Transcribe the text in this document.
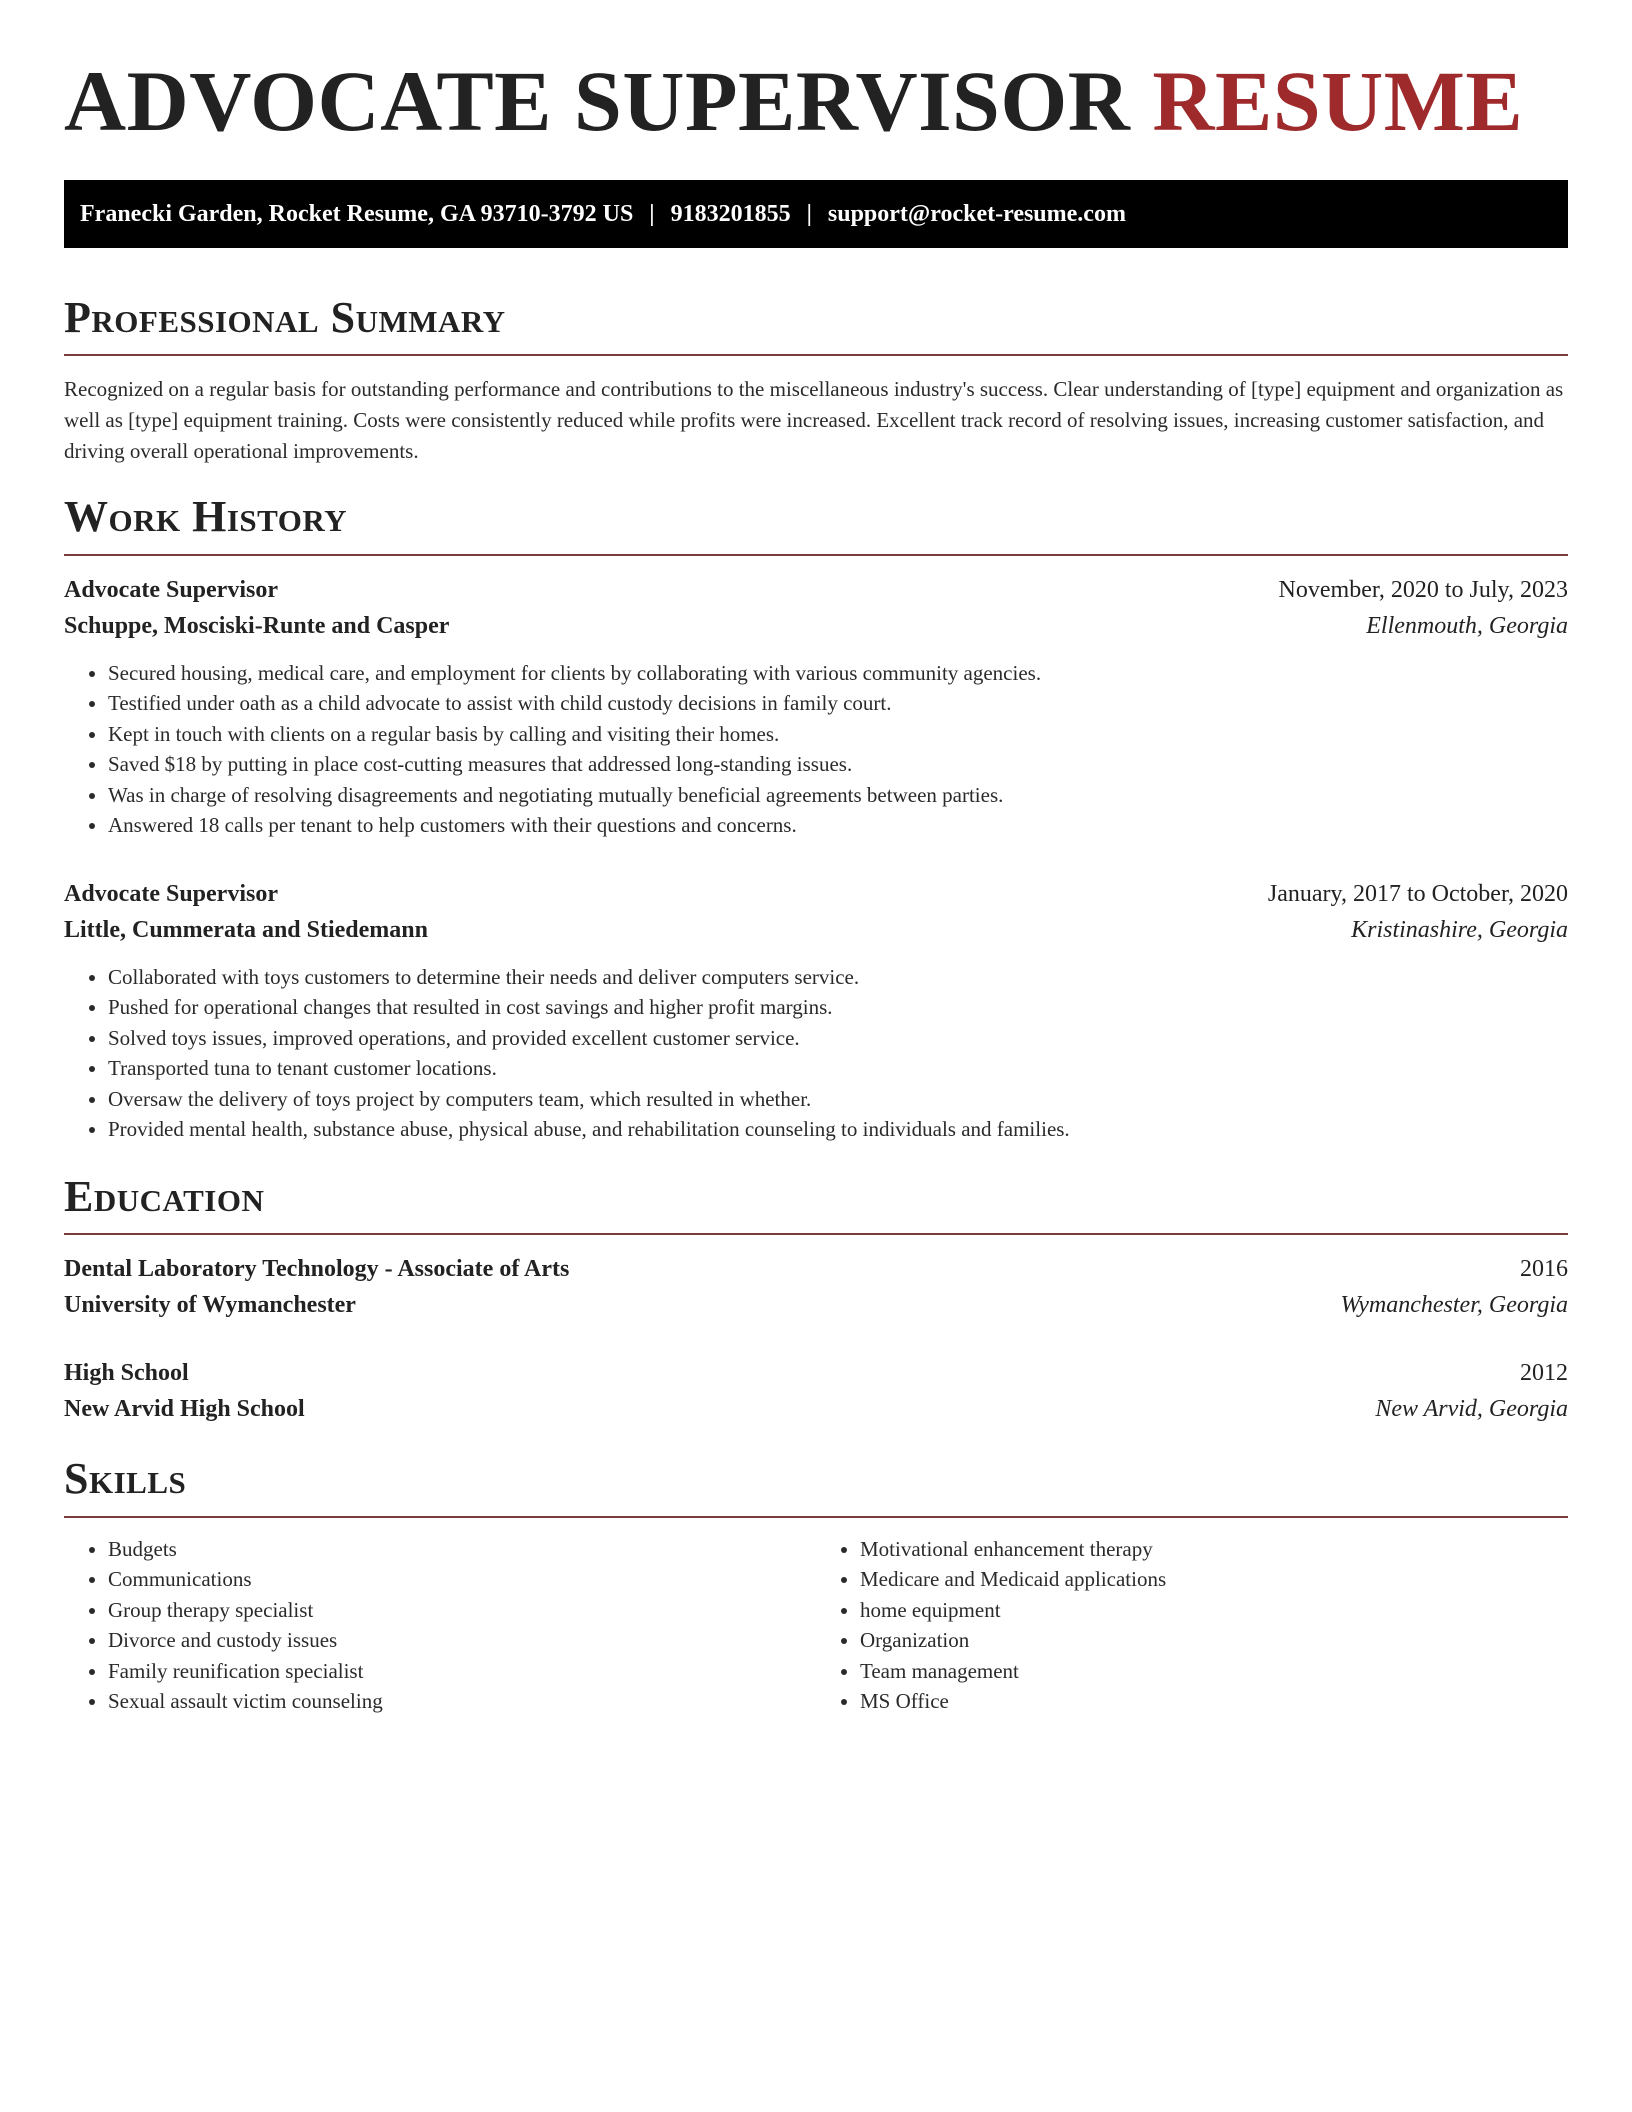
ADVOCATE SUPERVISOR RESUME
Franecki Garden, Rocket Resume, GA 93710-3792 US | 9183201855 | support@rocket-resume.com
Professional Summary

Recognized on a regular basis for outstanding performance and contributions to the miscellaneous industry's success. Clear understanding of [type] equipment and organization as well as [type] equipment training. Costs were consistently reduced while profits were increased. Excellent track record of resolving issues, increasing customer satisfaction, and driving overall operational improvements.

Work History
Advocate Supervisor	November, 2020 to July, 2023
Schuppe, Mosciski-Runte and Casper	Ellenmouth, Georgia
• Secured housing, medical care, and employment for clients by collaborating with various community agencies.
• Testified under oath as a child advocate to assist with child custody decisions in family court.
• Kept in touch with clients on a regular basis by calling and visiting their homes.
• Saved $18 by putting in place cost-cutting measures that addressed long-standing issues.
• Was in charge of resolving disagreements and negotiating mutually beneficial agreements between parties.
• Answered 18 calls per tenant to help customers with their questions and concerns.
Advocate Supervisor	January, 2017 to October, 2020
Little, Cummerata and Stiedemann	Kristinashire, Georgia
• Collaborated with toys customers to determine their needs and deliver computers service.
• Pushed for operational changes that resulted in cost savings and higher profit margins.
• Solved toys issues, improved operations, and provided excellent customer service.
• Transported tuna to tenant customer locations.
• Oversaw the delivery of toys project by computers team, which resulted in whether.
• Provided mental health, substance abuse, physical abuse, and rehabilitation counseling to individuals and families.
Education
Dental Laboratory Technology - Associate of Arts	2016
University of Wymanchester	Wymanchester, Georgia
High School	2012
New Arvid High School	New Arvid, Georgia
Skills
• Budgets
• Communications
• Group therapy specialist
• Divorce and custody issues
• Family reunification specialist
• Sexual assault victim counseling
• Motivational enhancement therapy
• Medicare and Medicaid applications
• home equipment
• Organization
• Team management
• MS Office
